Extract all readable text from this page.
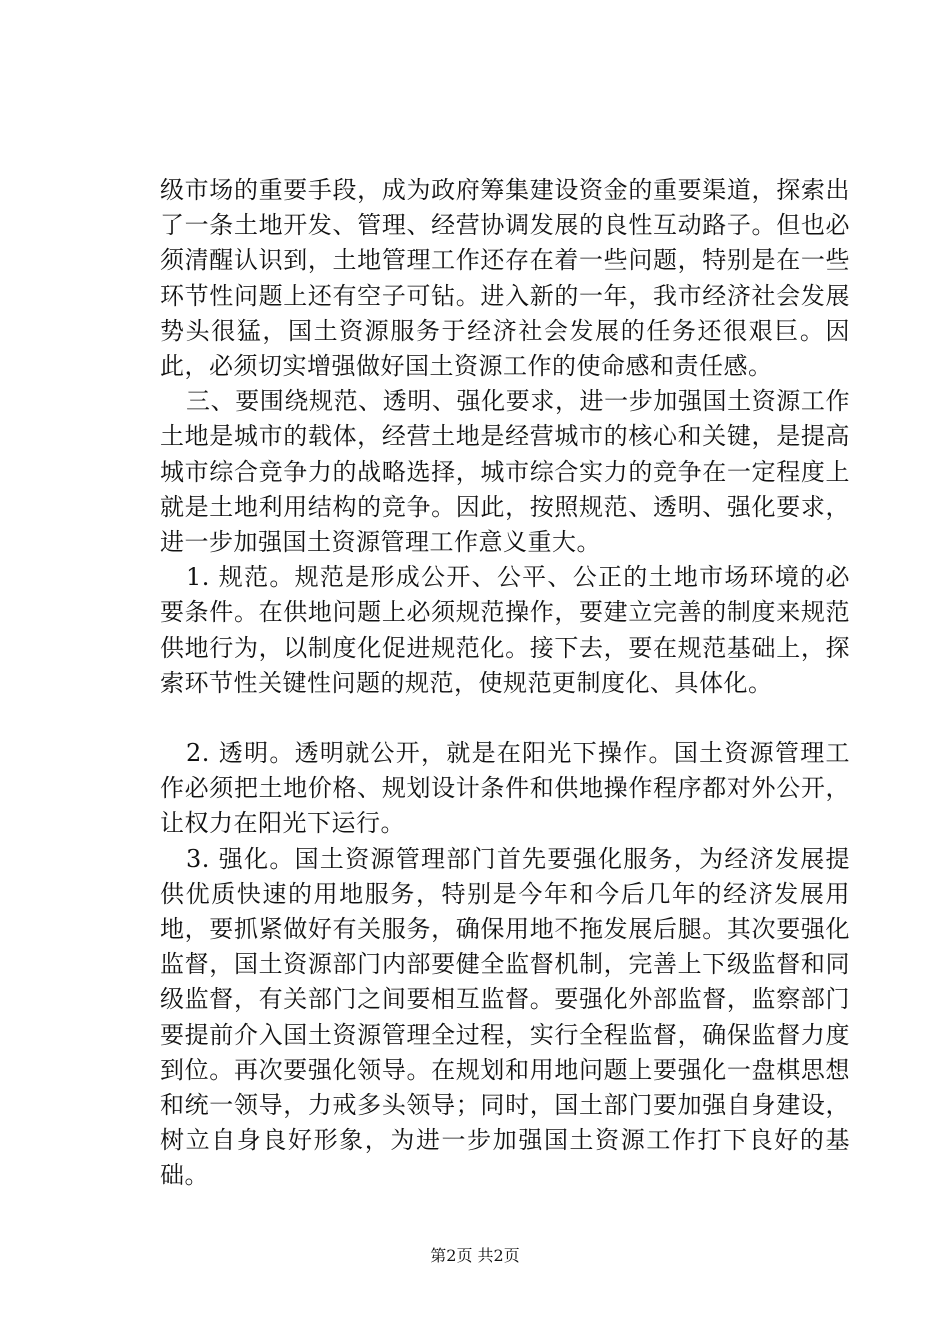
级市场的重要手段，成为政府筹集建设资金的重要渠道，探索出了一条土地开发、管理、经营协调发展的良性互动路子。但也必须清醒认识到，土地管理工作还存在着一些问题，特别是在一些环节性问题上还有空子可钻。进入新的一年，我市经济社会发展势头很猛，国土资源服务于经济社会发展的任务还很艰巨。因此，必须切实增强做好国土资源工作的使命感和责任感。

三、要围绕规范、透明、强化要求，进一步加强国土资源工作土地是城市的载体，经营土地是经营城市的核心和关键，是提高城市综合竞争力的战略选择，城市综合实力的竞争在一定程度上就是土地利用结构的竞争。因此，按照规范、透明、强化要求，进一步加强国土资源管理工作意义重大。

1. 规范。规范是形成公开、公平、公正的土地市场环境的必要条件。在供地问题上必须规范操作，要建立完善的制度来规范供地行为，以制度化促进规范化。接下去，要在规范基础上，探索环节性关键性问题的规范，使规范更制度化、具体化。

2. 透明。透明就公开，就是在阳光下操作。国土资源管理工作必须把土地价格、规划设计条件和供地操作程序都对外公开，让权力在阳光下运行。

3. 强化。国土资源管理部门首先要强化服务，为经济发展提供优质快速的用地服务，特别是今年和今后几年的经济发展用地，要抓紧做好有关服务，确保用地不拖发展后腿。其次要强化监督，国土资源部门内部要健全监督机制，完善上下级监督和同级监督，有关部门之间要相互监督。要强化外部监督，监察部门要提前介入国土资源管理全过程，实行全程监督，确保监督力度到位。再次要强化领导。在规划和用地问题上要强化一盘棋思想和统一领导，力戒多头领导；同时，国土部门要加强自身建设，树立自身良好形象，为进一步加强国土资源工作打下良好的基础。

第2页 共2页
